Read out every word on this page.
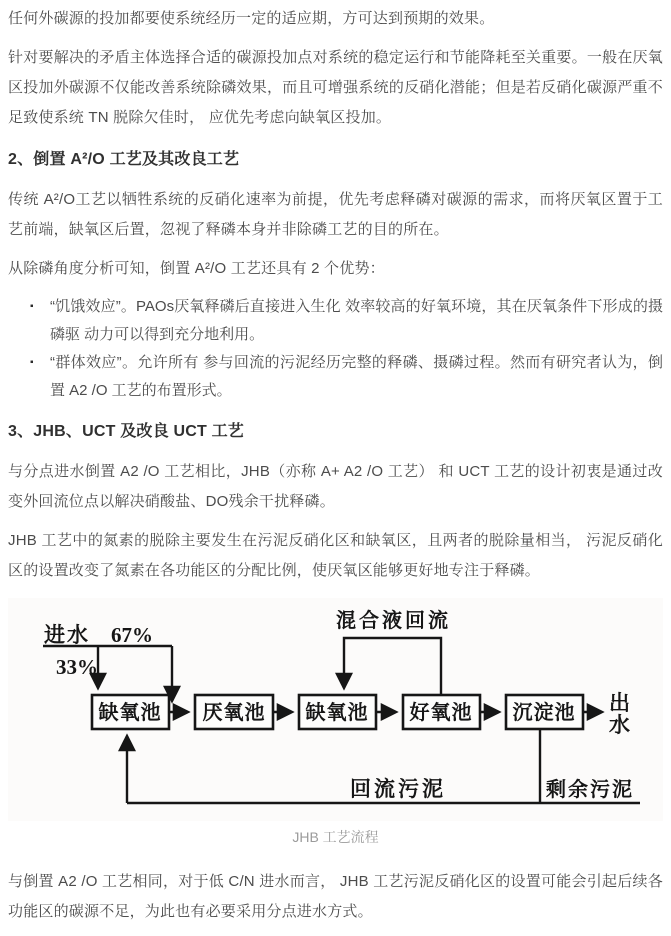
任何外碳源的投加都要使系统经历一定的适应期，方可达到预期的效果。

针对要解决的矛盾主体选择合适的碳源投加点对系统的稳定运行和节能降耗至关重要。一般在厌氧区投加外碳源不仅能改善系统除磷效果，而且可增强系统的反硝化潜能；但是若反硝化碳源严重不足致使系统 TN 脱除欠佳时， 应优先考虑向缺氧区投加。

2、倒置 A²/O 工艺及其改良工艺

传统 A²/O工艺以牺牲系统的反硝化速率为前提，优先考虑释磷对碳源的需求，而将厌氧区置于工艺前端，缺氧区后置，忽视了释磷本身并非除磷工艺的目的所在。

从除磷角度分析可知，倒置 A²/O 工艺还具有 2 个优势：

▪	“饥饿效应”。PAOs厌氧释磷后直接进入生化 效率较高的好氧环境，其在厌氧条件下形成的摄磷驱 动力可以得到充分地利用。
▪	“群体效应”。允许所有 参与回流的污泥经历完整的释磷、摄磷过程。然而有研究者认为，倒置 A2 /O 工艺的布置形式。
3、JHB、UCT 及改良 UCT 工艺

与分点进水倒置 A2 /O 工艺相比，JHB（亦称 A+ A2 /O 工艺） 和 UCT 工艺的设计初衷是通过改变外回流位点以解决硝酸盐、DO残余干扰释磷。

JHB 工艺中的氮素的脱除主要发生在污泥反硝化区和缺氧区，且两者的脱除量相当， 污泥反硝化区的设置改变了氮素在各功能区的分配比例，使厌氧区能够更好地专注于释磷。

进水 67%
33%
混合液回流
缺氧池 厌氧池 缺氧池 好氧池 沉淀池 出
水
回流污泥	剩余污泥
JHB 工艺流程

与倒置 A2 /O 工艺相同，对于低 C/N 进水而言， JHB 工艺污泥反硝化区的设置可能会引起后续各功能区的碳源不足，为此也有必要采用分点进水方式。
